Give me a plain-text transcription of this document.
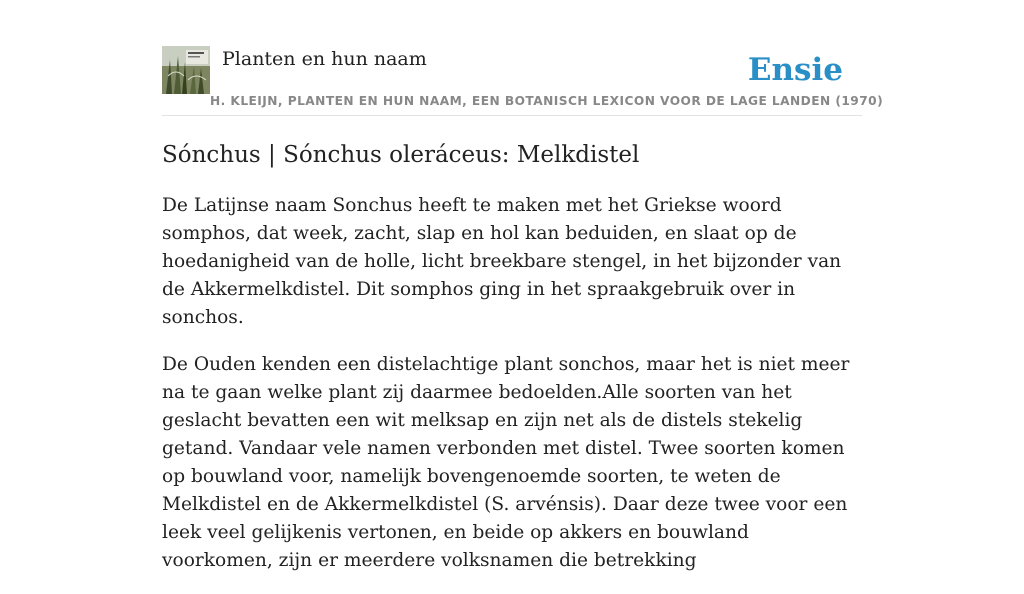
Planten en hun naam	Ensie
H. KLEIJN, PLANTEN EN HUN NAAM, EEN BOTANISCH LEXICON VOOR DE LAGE LANDEN (1970)
Sónchus | Sónchus oleráceus: Melkdistel

De Latijnse naam Sonchus heeft te maken met het Griekse woord somphos, dat week, zacht, slap en hol kan beduiden, en slaat op de hoedanigheid van de holle, licht breekbare stengel, in het bijzonder van de Akkermelkdistel. Dit somphos ging in het spraakgebruik over in sonchos.

De Ouden kenden een distelachtige plant sonchos, maar het is niet meer na te gaan welke plant zij daarmee bedoelden.Alle soorten van het geslacht bevatten een wit melksap en zijn net als de distels stekelig getand. Vandaar vele namen verbonden met distel. Twee soorten komen op bouwland voor, namelijk bovengenoemde soorten, te weten de Melkdistel en de Akkermelkdistel (S. arvénsis). Daar deze twee voor een leek veel gelijkenis vertonen, en beide op akkers en bouwland voorkomen, zijn er meerdere volksnamen die betrekking
